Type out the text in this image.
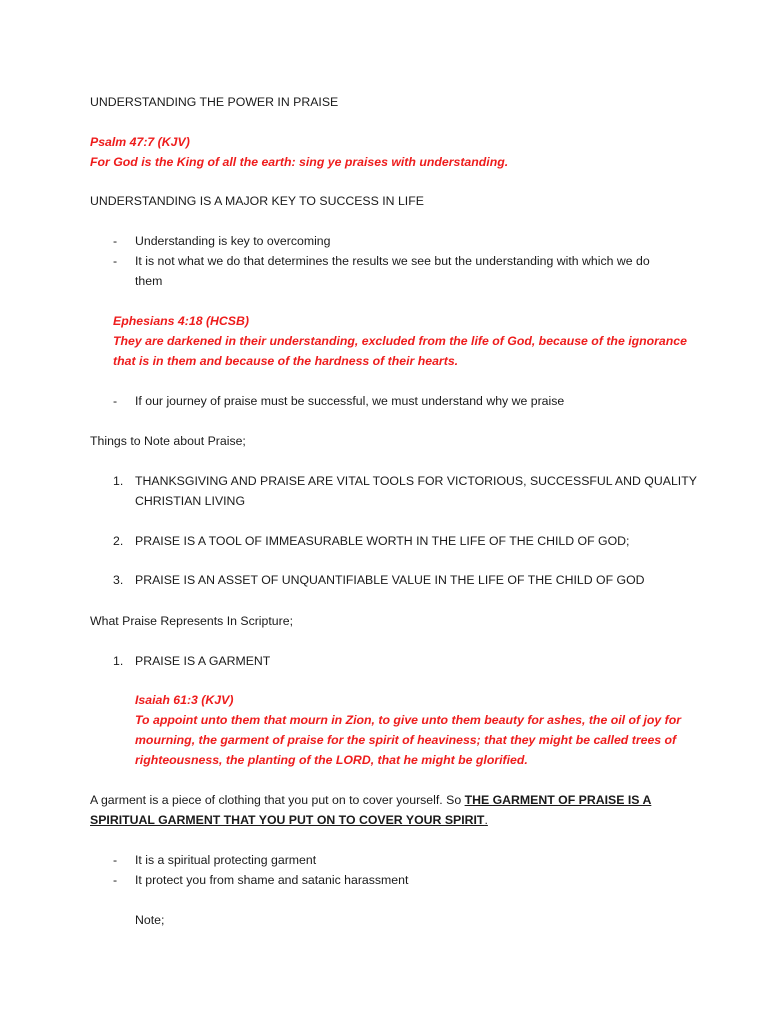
UNDERSTANDING THE POWER IN PRAISE
Psalm 47:7 (KJV)
For God is the King of all the earth: sing ye praises with understanding.
UNDERSTANDING IS A MAJOR KEY TO SUCCESS IN LIFE
- Understanding is key to overcoming
- It is not what we do that determines the results we see but the understanding with which we do
them
Ephesians 4:18 (HCSB)
They are darkened in their understanding, excluded from the life of God, because of the ignorance
that is in them and because of the hardness of their hearts.
- If our journey of praise must be successful, we must understand why we praise
Things to Note about Praise;
1. THANKSGIVING AND PRAISE ARE VITAL TOOLS FOR VICTORIOUS, SUCCESSFUL AND QUALITY
CHRISTIAN LIVING
2. PRAISE IS A TOOL OF IMMEASURABLE WORTH IN THE LIFE OF THE CHILD OF GOD;
3. PRAISE IS AN ASSET OF UNQUANTIFIABLE VALUE IN THE LIFE OF THE CHILD OF GOD
What Praise Represents In Scripture;
1. PRAISE IS A GARMENT
Isaiah 61:3 (KJV)
To appoint unto them that mourn in Zion, to give unto them beauty for ashes, the oil of joy for
mourning, the garment of praise for the spirit of heaviness; that they might be called trees of
righteousness, the planting of the LORD, that he might be glorified.
A garment is a piece of clothing that you put on to cover yourself. So THE GARMENT OF PRAISE IS A
SPIRITUAL GARMENT THAT YOU PUT ON TO COVER YOUR SPIRIT.
- It is a spiritual protecting garment
- It protect you from shame and satanic harassment
Note;
